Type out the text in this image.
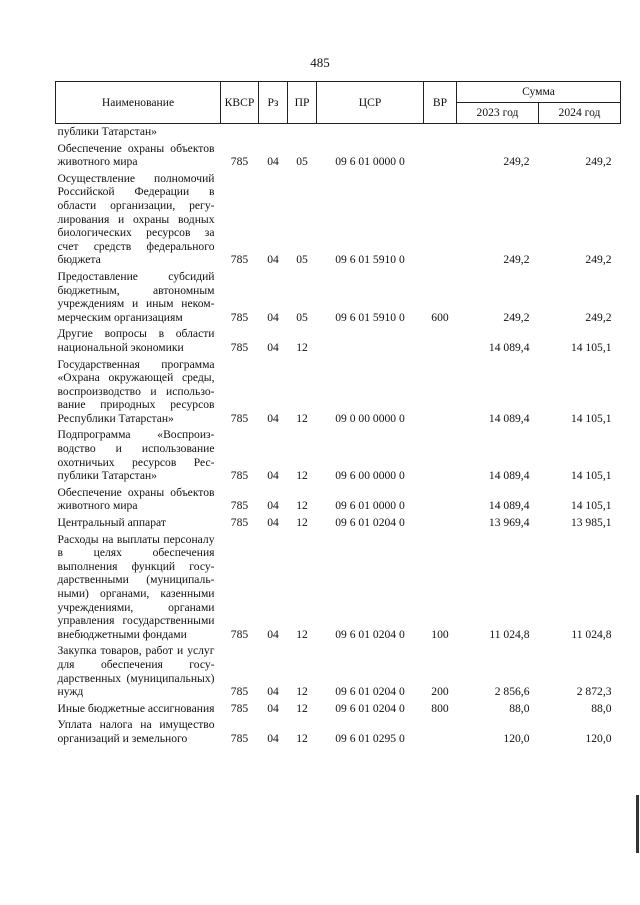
485
Наименование	КВСР	Рз	ПР	ЦСР	ВР	Сумма	
						2023 год	2024 год
публики Татарстан»							
Обеспечение охраны объектов животного мира	785	04	05	09 6 01 0000 0		249,2	249,2
Осуществление полномочий Российской Федерации в области организации, регулирования и охраны водных биологических ресурсов за счет средств федерального бюджета	785	04	05	09 6 01 5910 0		249,2	249,2
Предоставление субсидий бюджетным, автономным учреждениям и иным некоммерческим организациям	785	04	05	09 6 01 5910 0	600	249,2	249,2
Другие вопросы в области национальной экономики	785	04	12			14 089,4	14 105,1
Государственная программа «Охрана окружающей среды, воспроизводство и использование природных ресурсов Республики Татарстан»	785	04	12	09 0 00 0000 0		14 089,4	14 105,1
Подпрограмма «Воспроизводство и использование охотничьих ресурсов Республики Татарстан»	785	04	12	09 6 00 0000 0		14 089,4	14 105,1
Обеспечение охраны объектов животного мира	785	04	12	09 6 01 0000 0		14 089,4	14 105,1
Центральный аппарат	785	04	12	09 6 01 0204 0		13 969,4	13 985,1
Расходы на выплаты персоналу в целях обеспечения выполнения функций государственными (муниципальными) органами, казенными учреждениями, органами управления государственными внебюджетными фондами	785	04	12	09 6 01 0204 0	100	11 024,8	11 024,8
Закупка товаров, работ и услуг для обеспечения государственных (муниципальных) нужд	785	04	12	09 6 01 0204 0	200	2 856,6	2 872,3
Иные бюджетные ассигнования	785	04	12	09 6 01 0204 0	800	88,0	88,0
Уплата налога на имущество организаций и земельного	785	04	12	09 6 01 0295 0		120,0	120,0
